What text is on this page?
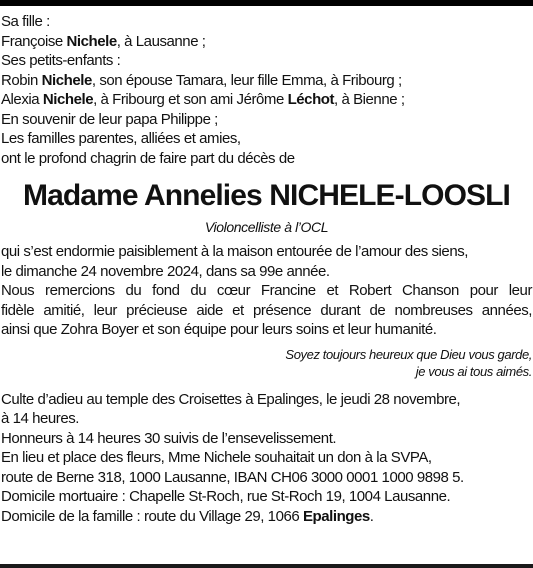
Sa fille :
Françoise Nichele, à Lausanne ;
Ses petits-enfants :
Robin Nichele, son épouse Tamara, leur fille Emma, à Fribourg ;
Alexia Nichele, à Fribourg et son ami Jérôme Léchot, à Bienne ;
En souvenir de leur papa Philippe ;
Les familles parentes, alliées et amies,
ont le profond chagrin de faire part du décès de
Madame Annelies NICHELE-LOOSLI
Violoncelliste à l’OCL
qui s’est endormie paisiblement à la maison entourée de l’amour des siens,
le dimanche 24 novembre 2024, dans sa 99e année.
Nous remercions du fond du cœur Francine et Robert Chanson pour leur
fidèle amitié, leur précieuse aide et présence durant de nombreuses années,
ainsi que Zohra Boyer et son équipe pour leurs soins et leur humanité.
Soyez toujours heureux que Dieu vous garde,
je vous ai tous aimés.
Culte d’adieu au temple des Croisettes à Epalinges, le jeudi 28 novembre,
à 14 heures.
Honneurs à 14 heures 30 suivis de l’ensevelissement.
En lieu et place des fleurs, Mme Nichele souhaitait un don à la SVPA,
route de Berne 318, 1000 Lausanne, IBAN CH06 3000 0001 1000 9898 5.
Domicile mortuaire : Chapelle St-Roch, rue St-Roch 19, 1004 Lausanne.
Domicile de la famille : route du Village 29, 1066 Epalinges.
